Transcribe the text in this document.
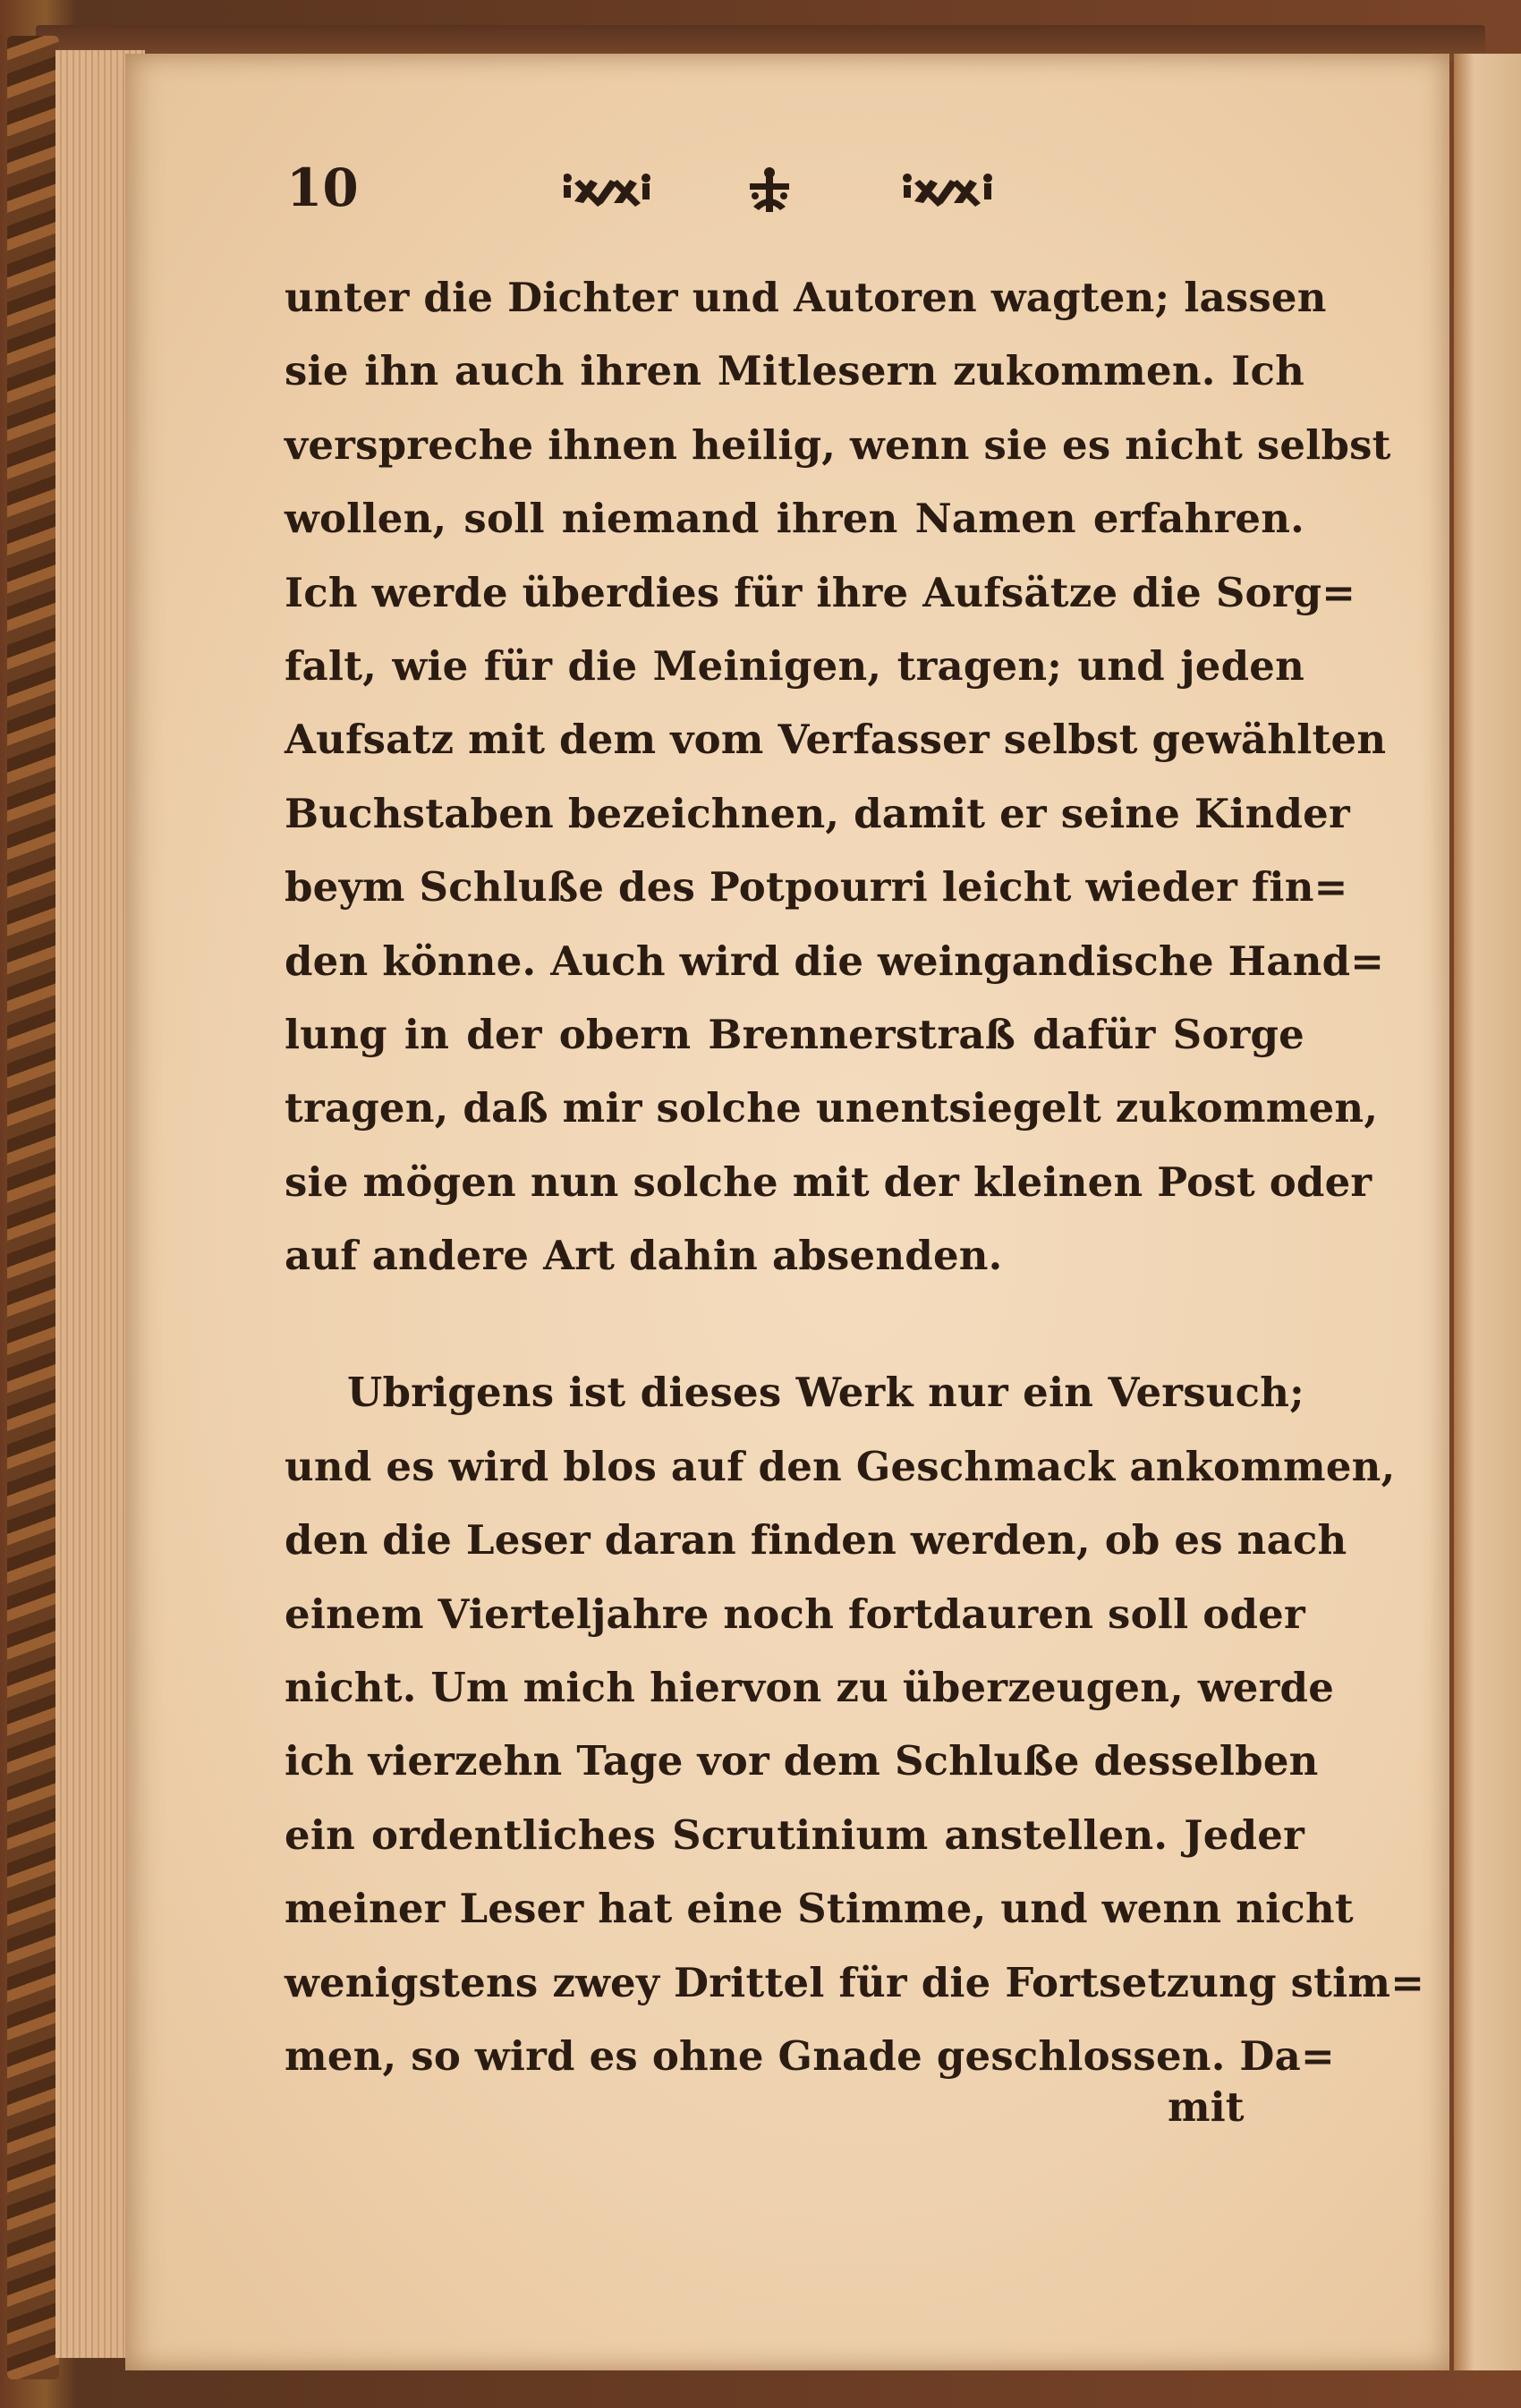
10
unter die Dichter und Autoren wagten; lassen
sie ihn auch ihren Mitlesern zukommen. Ich
verspreche ihnen heilig, wenn sie es nicht selbst
wollen, soll niemand ihren Namen erfahren.
Ich werde überdies für ihre Aufsätze die Sorg=
falt, wie für die Meinigen, tragen; und jeden
Aufsatz mit dem vom Verfasser selbst gewählten
Buchstaben bezeichnen, damit er seine Kinder
beym Schluße des Potpourri leicht wieder fin=
den könne. Auch wird die weingandische Hand=
lung in der obern Brennerstraß dafür Sorge
tragen, daß mir solche unentsiegelt zukommen,
sie mögen nun solche mit der kleinen Post oder
auf andere Art dahin absenden.
Ubrigens ist dieses Werk nur ein Versuch;
und es wird blos auf den Geschmack ankommen,
den die Leser daran finden werden, ob es nach
einem Vierteljahre noch fortdauren soll oder
nicht. Um mich hiervon zu überzeugen, werde
ich vierzehn Tage vor dem Schluße desselben
ein ordentliches Scrutinium anstellen. Jeder
meiner Leser hat eine Stimme, und wenn nicht
wenigstens zwey Drittel für die Fortsetzung stim=
men, so wird es ohne Gnade geschlossen. Da=
mit
